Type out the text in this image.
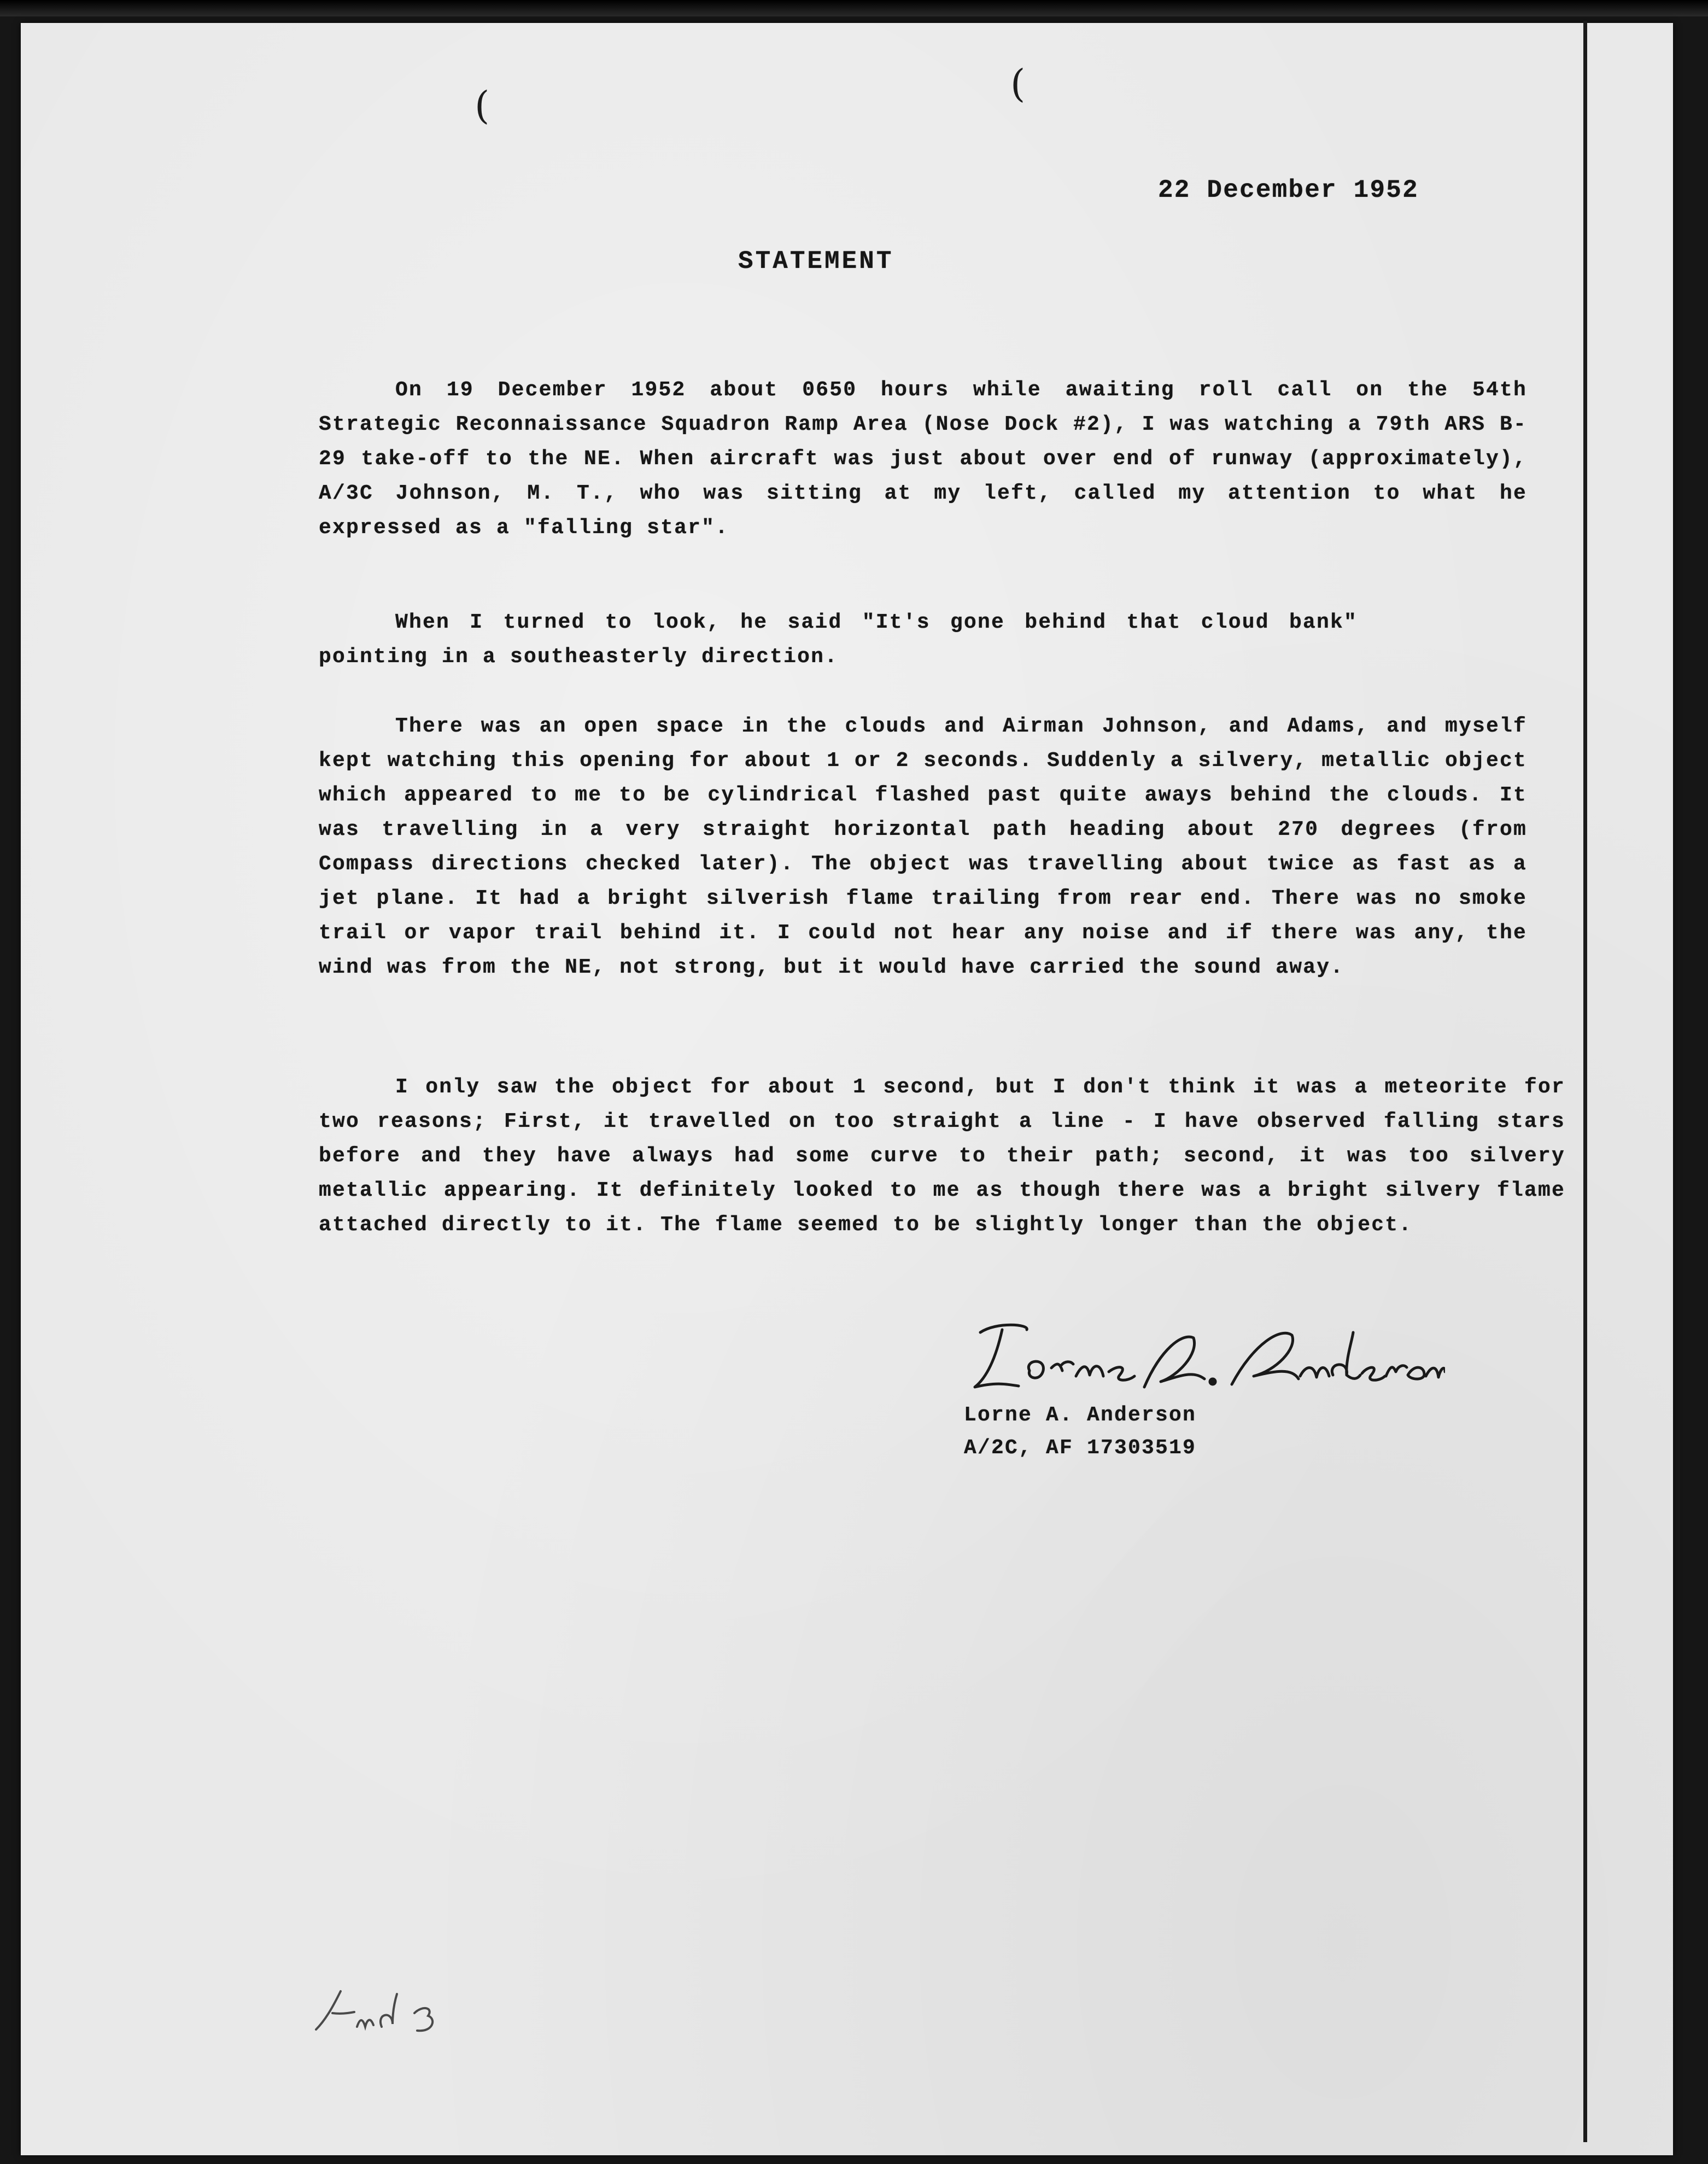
(	(
22 December 1952
STATEMENT

On 19 December 1952 about 0650 hours while awaiting roll call on the 54th Strategic Reconnaissance Squadron Ramp Area (Nose Dock #2), I was watching a 79th ARS B-29 take-off to the NE. When aircraft was just about over end of runway (approximately), A/3C Johnson, M. T., who was sitting at my left, called my attention to what he expressed as a "falling star".

When I turned to look, he said "It's gone behind that cloud bank" pointing in a southeasterly direction.

There was an open space in the clouds and Airman Johnson, and Adams, and myself kept watching this opening for about 1 or 2 seconds. Suddenly a silvery, metallic object which appeared to me to be cylindrical flashed past quite aways behind the clouds. It was travelling in a very straight horizontal path heading about 270 degrees (from Compass directions checked later). The object was travelling about twice as fast as a jet plane. It had a bright silverish flame trailing from rear end. There was no smoke trail or vapor trail behind it. I could not hear any noise and if there was any, the wind was from the NE, not strong, but it would have carried the sound away.

I only saw the object for about 1 second, but I don't think it was a meteorite for two reasons; First, it travelled on too straight a line - I have observed falling stars before and they have always had some curve to their path; second, it was too silvery metallic appearing. It definitely looked to me as though there was a bright silvery flame attached directly to it. The flame seemed to be slightly longer than the object.

Lorne A. Anderson
A/2C, AF 17303519
